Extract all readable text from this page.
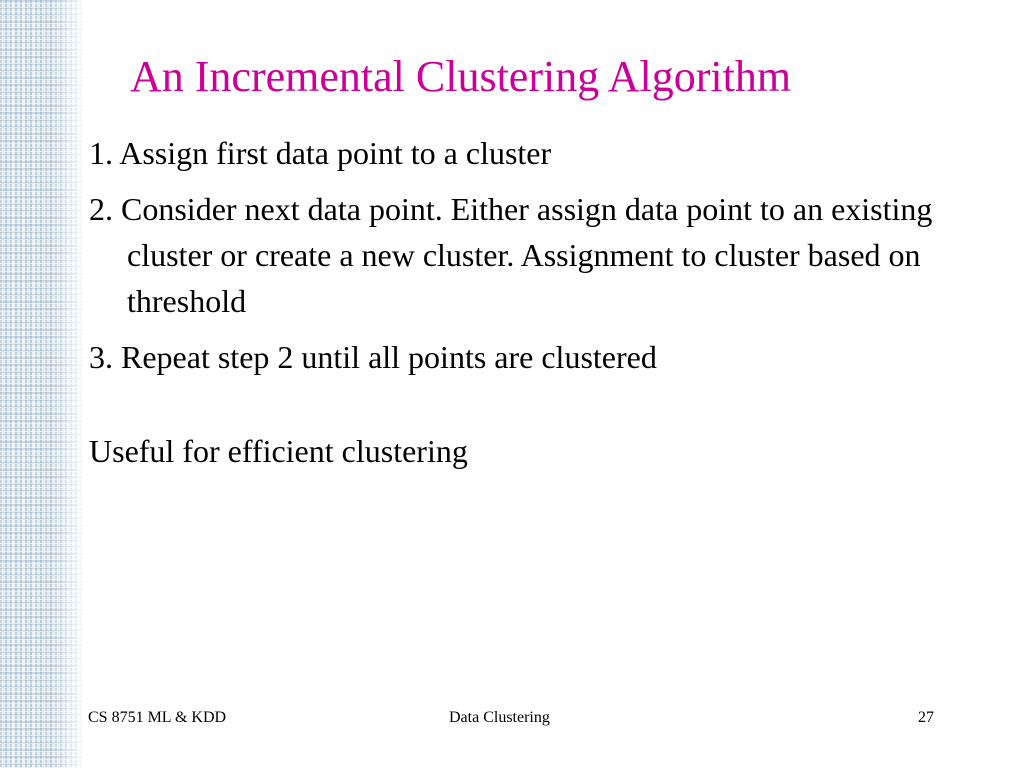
An Incremental Clustering Algorithm
1. Assign first data point to a cluster
2. Consider next data point. Either assign data point to an existing cluster or create a new cluster. Assignment to cluster based on threshold
3. Repeat step 2 until all points are clustered
Useful for efficient clustering
CS 8751 ML & KDD	Data Clustering	27
